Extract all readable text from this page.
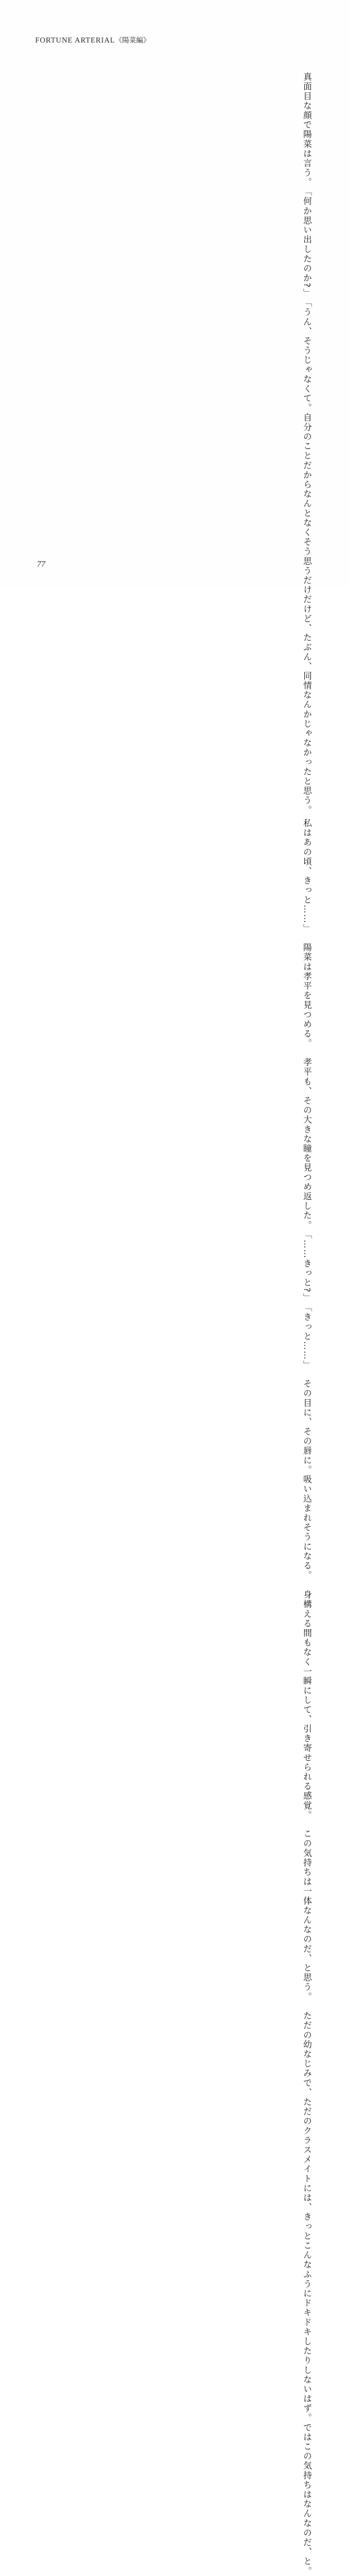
FORTUNE ARTERIAL《陽菜編》
真面目な顔で陽菜は言う。
「何か思い出したのか?」
「うん、そうじゃなくて。自分のことだからなんとなくそう思うだけだけど、たぶん、同情
なんかじゃなかったと思う。 私はあの頃、きっと……」
陽菜は孝平を見つめる。
孝平も、その大きな瞳を見つめ返した。
「……きっと?」
「きっと……」
その目に、その唇に。吸い込まれそうになる。
身構える間もなく一瞬にして、引き寄せられる感覚。
この気持ちは一体なんなのだ、と思う。
ただの幼なじみで、ただのクラスメイトには、きっとこんなふうにドキドキしたりしないは
ず。ではこの気持ちはなんなのだ、と。
77
